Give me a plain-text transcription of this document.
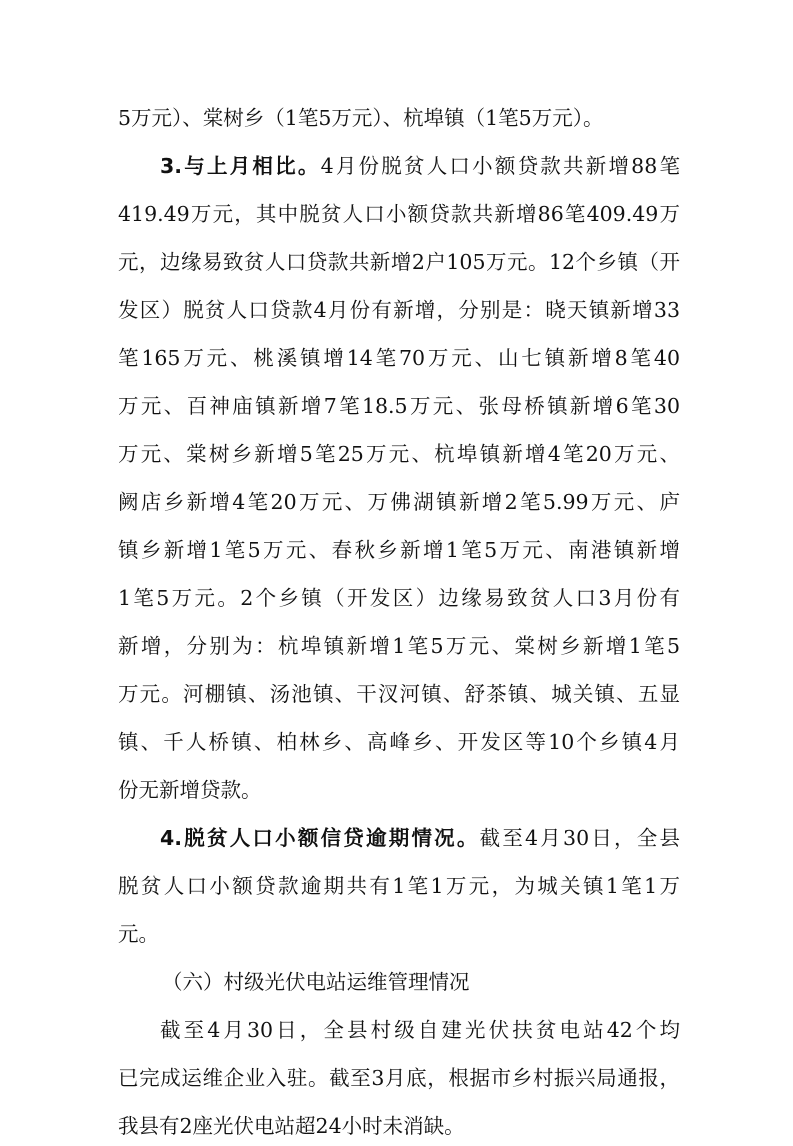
5万元）、棠树乡（1笔5万元）、杭埠镇（1笔5万元）。
3.与上月相比。4月份脱贫人口小额贷款共新增88笔
419.49万元，其中脱贫人口小额贷款共新增86笔409.49万
元，边缘易致贫人口贷款共新增2户105万元。12个乡镇（开
发区）脱贫人口贷款4月份有新增，分别是：晓天镇新增33
笔165万元、桃溪镇增14笔70万元、山七镇新增8笔40
万元、百神庙镇新增7笔18.5万元、张母桥镇新增6笔30
万元、棠树乡新增5笔25万元、杭埠镇新增4笔20万元、
阙店乡新增4笔20万元、万佛湖镇新增2笔5.99万元、庐
镇乡新增1笔5万元、春秋乡新增1笔5万元、南港镇新增
1笔5万元。2个乡镇（开发区）边缘易致贫人口3月份有
新增，分别为：杭埠镇新增1笔5万元、棠树乡新增1笔5
万元。河棚镇、汤池镇、干汊河镇、舒茶镇、城关镇、五显
镇、千人桥镇、柏林乡、高峰乡、开发区等10个乡镇4月
份无新增贷款。
4.脱贫人口小额信贷逾期情况。截至4月30日，全县
脱贫人口小额贷款逾期共有1笔1万元，为城关镇1笔1万
元。
（六）村级光伏电站运维管理情况
截至4月30日，全县村级自建光伏扶贫电站42个均
已完成运维企业入驻。截至3月底，根据市乡村振兴局通报，
我县有2座光伏电站超24小时未消缺。
